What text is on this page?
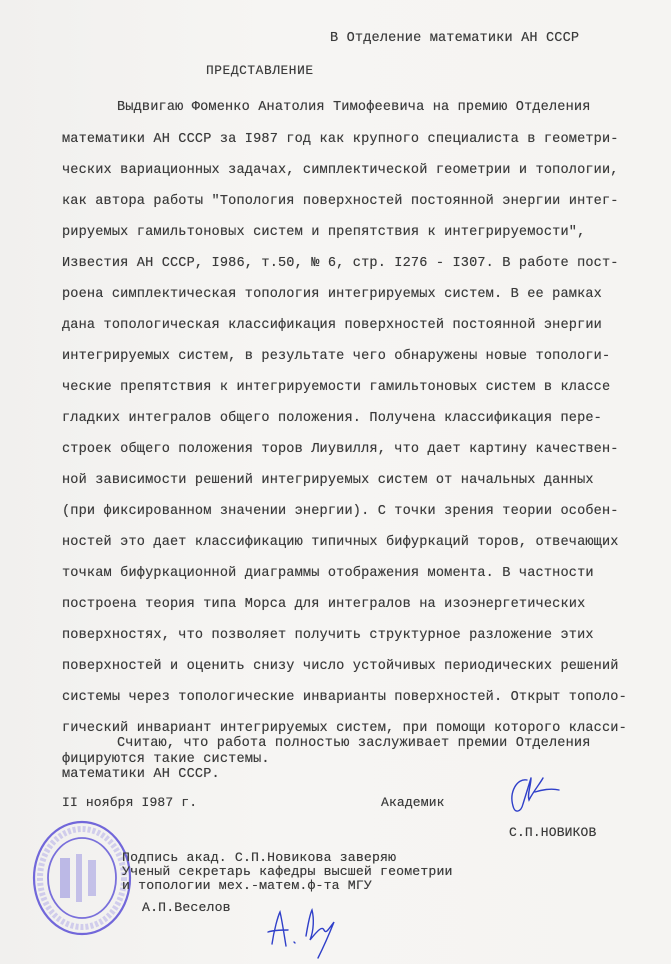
В Отделение математики АН СССР
ПРЕДСТАВЛЕНИЕ
Выдвигаю Фоменко Анатолия Тимофеевича на премию Отделения
математики АН СССР за I987 год как крупного специалиста в геометри-
ческих вариационных задачах, симплектической геометрии и топологии,
как автора работы "Топология поверхностей постоянной энергии интег-
рируемых гамильтоновых систем и препятствия к интегрируемости",
Известия АН СССР, I986, т.50, № 6, стр. I276 - I307. В работе пост-
роена симплектическая топология интегрируемых систем. В ее рамках
дана топологическая классификация поверхностей постоянной энергии
интегрируемых систем, в результате чего обнаружены новые топологи-
ческие препятствия к интегрируемости гамильтоновых систем в классе
гладких интегралов общего положения. Получена классификация пере-
строек общего положения торов Лиувилля, что дает картину качествен-
ной зависимости решений интегрируемых систем от начальных данных
(при фиксированном значении энергии). С точки зрения теории особен-
ностей это дает классификацию типичных бифуркаций торов, отвечающих
точкам бифуркационной диаграммы отображения момента. В частности
построена теория типа Морса для интегралов на изоэнергетических
поверхностях, что позволяет получить структурное разложение этих
поверхностей и оценить снизу число устойчивых периодических решений
системы через топологические инварианты поверхностей. Открыт тополо-
гический инвариант интегрируемых систем, при помощи которого класси-
фицируются такие системы.
Считаю, что работа полностью заслуживает премии Отделения
математики АН СССР.
II ноября I987 г.	Академик
С.П.НОВИКОВ
Подпись акад. С.П.Новикова заверяю
Ученый секретарь кафедры высшей геометрии
и топологии мех.-матем.ф-та МГУ
А.П.Веселов
